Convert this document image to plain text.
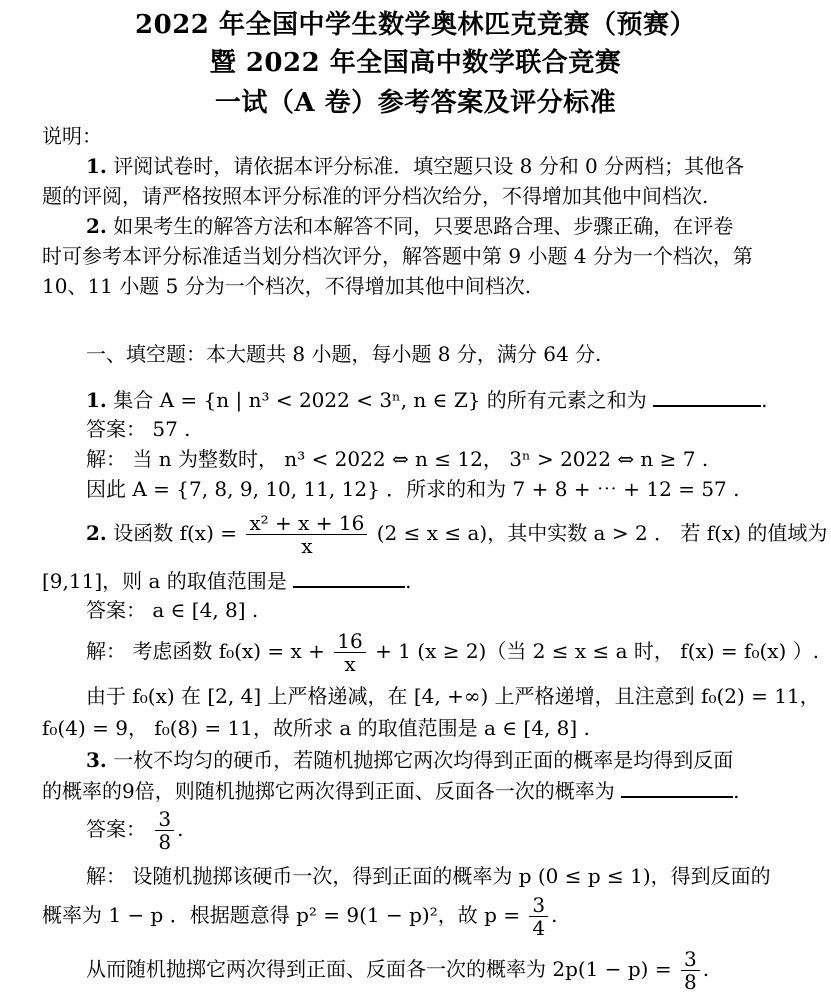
2022 年全国中学生数学奥林匹克竞赛（预赛）
暨 2022 年全国高中数学联合竞赛
一试（A 卷）参考答案及评分标准
说明：
1. 评阅试卷时，请依据本评分标准．填空题只设 8 分和 0 分两档；其他各
题的评阅，请严格按照本评分标准的评分档次给分，不得增加其他中间档次.
2. 如果考生的解答方法和本解答不同，只要思路合理、步骤正确，在评卷
时可参考本评分标准适当划分档次评分，解答题中第 9 小题 4 分为一个档次，第
10、11 小题 5 分为一个档次，不得增加其他中间档次.
一、填空题：本大题共 8 小题，每小题 8 分，满分 64 分.
1. 集合 A = {n | n³ < 2022 < 3ⁿ, n ∈ Z} 的所有元素之和为	.
答案： 57 .
解： 当 n 为整数时， n³ < 2022 ⇔ n ≤ 12， 3ⁿ > 2022 ⇔ n ≥ 7 .
因此 A = {7, 8, 9, 10, 11, 12} ．所求的和为 7 + 8 + ⋯ + 12 = 57 .
2. 设函数 $f(x) = \frac{\text{x² + x + 16}}{x} (2 \le x \le a)$，其中实数 a > 2 ． 若 f(x) 的值域为
[9,11]，则 a 的取值范围是	.
答案： a ∈ [4, 8] .
解： 考虑函数 $f_0(x) = x + \frac{16}{x} + 1$ (x ≥ 2)（当 2 ≤ x ≤ a 时， f(x) = f₀(x) ）.
由于 f₀(x) 在 [2, 4] 上严格递减，在 [4, +∞) 上严格递增，且注意到 f₀(2) = 11，
f₀(4) = 9， f₀(8) = 11，故所求 a 的取值范围是 a ∈ [4, 8] .
3. 一枚不均匀的硬币，若随机抛掷它两次均得到正面的概率是均得到反面
的概率的9倍，则随机抛掷它两次得到正面、反面各一次的概率为	.
答案： $\frac{3}{8}$ .
解： 设随机抛掷该硬币一次，得到正面的概率为 p (0 ≤ p ≤ 1)，得到反面的
概率为 1 − p ．根据题意得 p² = 9(1 − p)²，故 $p = \frac{3}{4}$ .
从而随机抛掷它两次得到正面、反面各一次的概率为 $2p(1 - p) = \frac{3}{8}$ .
